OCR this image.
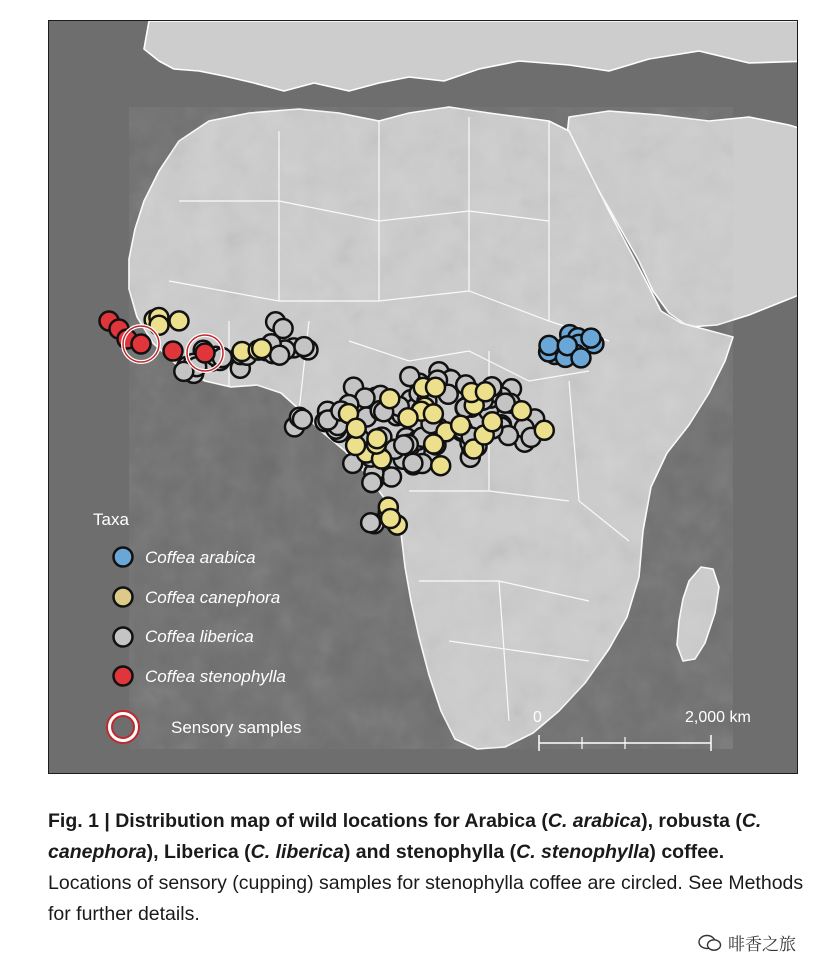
Taxa
Coffea arabica
Coffea canephora
Coffea liberica
Coffea stenophylla
Sensory samples
0	2,000 km
Fig. 1 | Distribution map of wild locations for Arabica (C. arabica), robusta (C. canephora), Liberica (C. liberica) and stenophylla (C. stenophylla) coffee. Locations of sensory (cupping) samples for stenophylla coffee are circled. See Methods for further details.
啡香之旅
